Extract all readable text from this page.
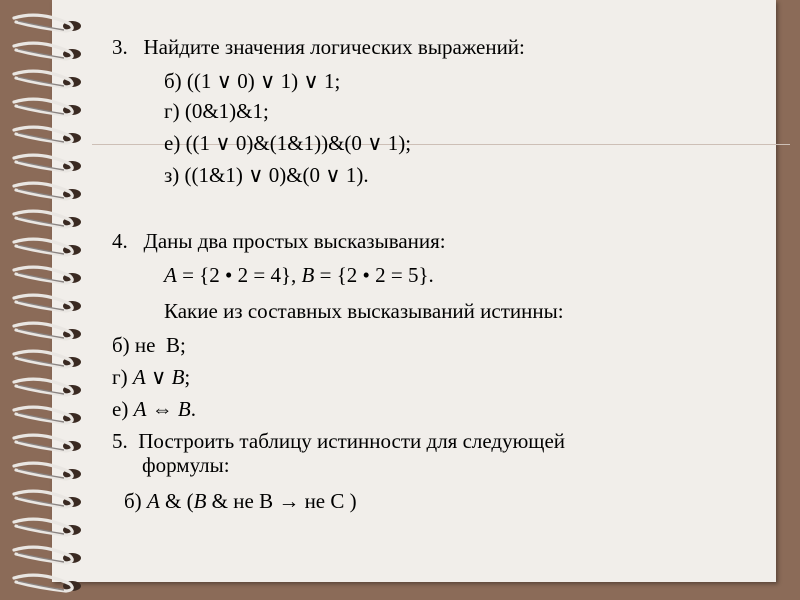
3.   Найдите значения логических выражений:
б) ((1 ∨ 0) ∨ 1) ∨ 1;
г) (0&1)&1;
е) ((1 ∨ 0)&(1&1))&(0 ∨ 1);
з) ((1&1) ∨ 0)&(0 ∨ 1).
4.   Даны два простых высказывания:
A = {2 • 2 = 4}, B = {2 • 2 = 5}.
Какие из составных высказываний истинны:
б) не  В;
г) A ∨ B;
е) A ⇔ B.
5.  Построить таблицу истинности для следующей
формулы:
б) A & (B & не В → не С )
